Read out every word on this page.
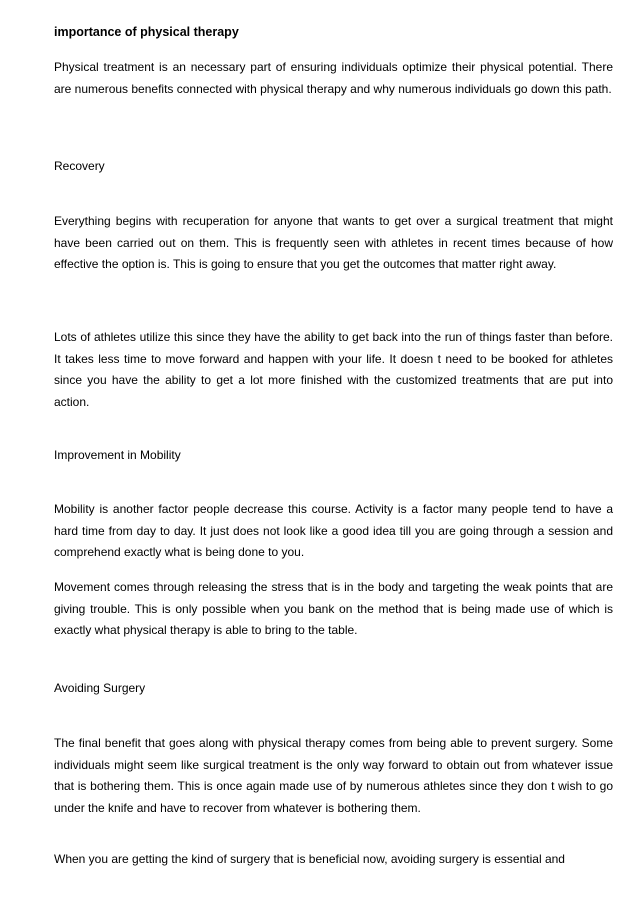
importance of physical therapy

Physical treatment is an necessary part of ensuring individuals optimize their physical potential. There are numerous benefits connected with physical therapy and why numerous individuals go down this path.

Recovery

Everything begins with recuperation for anyone that wants to get over a surgical treatment that might have been carried out on them. This is frequently seen with athletes in recent times because of how effective the option is. This is going to ensure that you get the outcomes that matter right away.

Lots of athletes utilize this since they have the ability to get back into the run of things faster than before. It takes less time to move forward and happen with your life. It doesn t need to be booked for athletes since you have the ability to get a lot more finished with the customized treatments that are put into action.

Improvement in Mobility

Mobility is another factor people decrease this course. Activity is a factor many people tend to have a hard time from day to day. It just does not look like a good idea till you are going through a session and comprehend exactly what is being done to you.

Movement comes through releasing the stress that is in the body and targeting the weak points that are giving trouble. This is only possible when you bank on the method that is being made use of which is exactly what physical therapy is able to bring to the table.

Avoiding Surgery

The final benefit that goes along with physical therapy comes from being able to prevent surgery. Some individuals might seem like surgical treatment is the only way forward to obtain out from whatever issue that is bothering them. This is once again made use of by numerous athletes since they don t wish to go under the knife and have to recover from whatever is bothering them.

When you are getting the kind of surgery that is beneficial now, avoiding surgery is essential and
